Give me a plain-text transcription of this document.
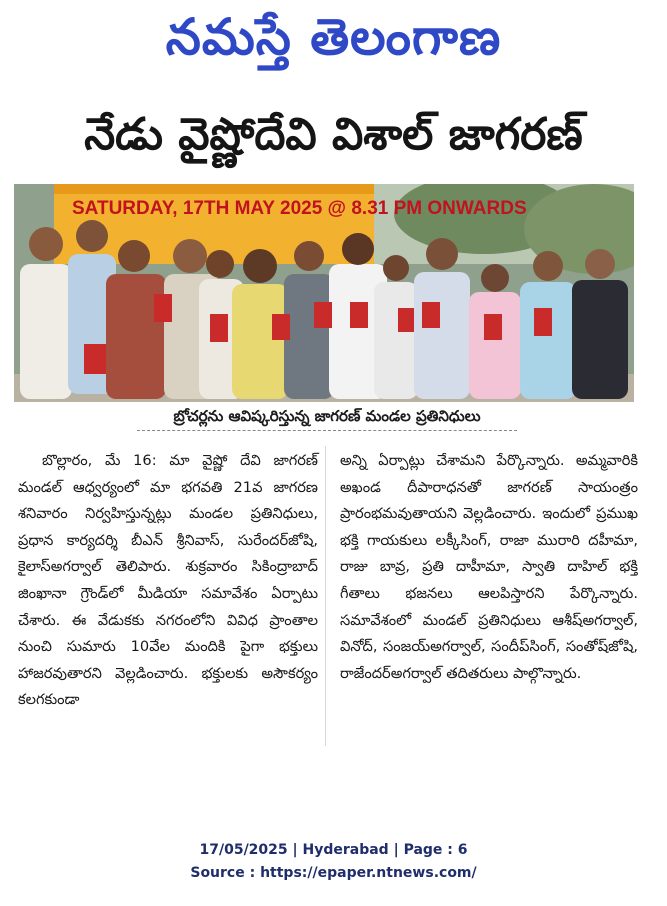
నమస్తే తెలంగాణ
నేడు వైష్ణోదేవి విశాల్ జాగరణ్
SATURDAY, 17TH MAY 2025 @ 8.31 PM ONWARDS
బ్రోచర్లను ఆవిష్కరిస్తున్న జాగరణ్ మండల ప్రతినిధులు
బొల్లారం, మే 16: మా వైష్ణో దేవి జాగరణ్ మండల్ ఆధ్వర్యంలో మా భగవతి 21వ జాగరణ శనివారం నిర్వహిస్తున్నట్లు మండల ప్రతినిధులు, ప్రధాన కార్యదర్శి బీఎన్ శ్రీనివాస్, సురేందర్‌జోషి, కైలాస్‌అగర్వాల్ తెలిపారు. శుక్రవారం సికింద్రాబాద్ జింఖానా గ్రౌండ్‌లో మీడియా సమావేశం ఏర్పాటు చేశారు. ఈ వేడుకకు నగరంలోని వివిధ ప్రాంతాల నుంచి సుమారు 10వేల మందికి పైగా భక్తులు హాజరవుతారని వెల్లడించారు. భక్తులకు అసౌకర్యం కలగకుండా
అన్ని ఏర్పాట్లు చేశామని పేర్కొన్నారు. అమ్మవారికి అఖండ దీపారాధనతో జాగరణ్ సాయంత్రం ప్రారంభమవుతాయని వెల్లడించారు. ఇందులో ప్రముఖ భక్తి గాయకులు లక్కీసింగ్, రాజా మురారి దహీమా, రాజు బావ్ర, ప్రతి దాహీమా, స్వాతి దాహిల్ భక్తి గీతాలు భజనలు ఆలపిస్తారని పేర్కొన్నారు. సమావేశంలో మండల్ ప్రతినిధులు ఆశీష్‌అగర్వాల్, వినోద్, సంజయ్‌అగర్వాల్, సందీప్‌సింగ్, సంతోష్‌జోషి, రాజేందర్‌అగర్వాల్ తదితరులు పాల్గొన్నారు.
17/05/2025 | Hyderabad | Page : 6
Source : https://epaper.ntnews.com/
